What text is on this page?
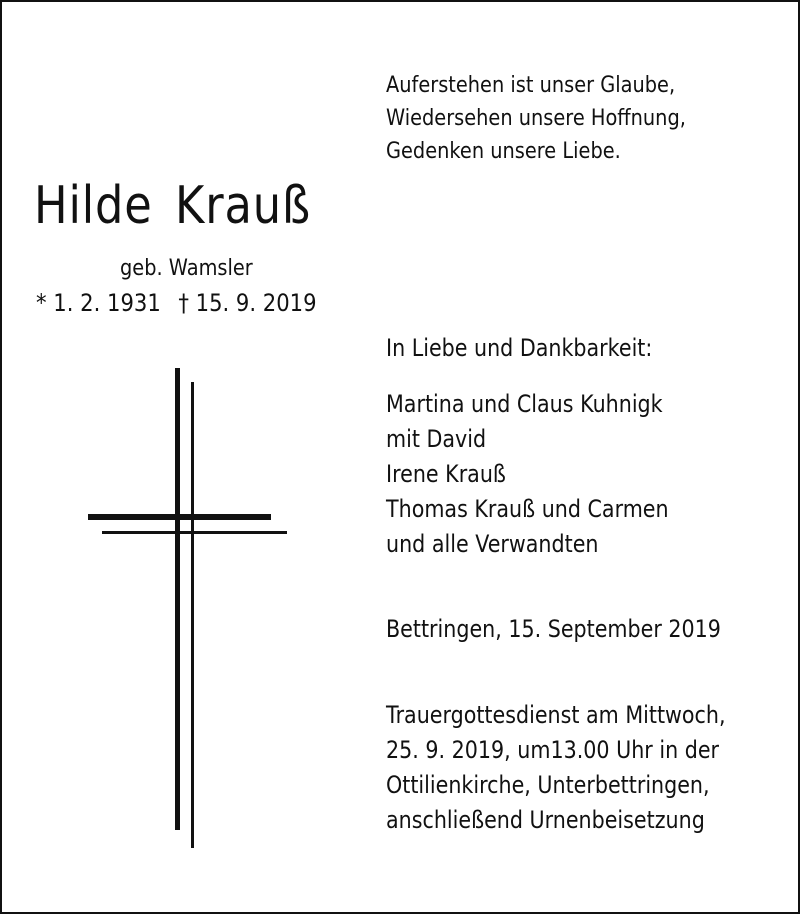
Auferstehen ist unser Glaube,

Wiedersehen unsere Hoffnung,

Gedenken unsere Liebe.

Hilde Krauß

geb. Wamsler

* 1. 2. 1931 † 15. 9. 2019

In Liebe und Dankbarkeit:

Martina und Claus Kuhnigk

mit David

Irene Krauß

Thomas Krauß und Carmen

und alle Verwandten

Bettringen, 15. September 2019

Trauergottesdienst am Mittwoch,

25. 9. 2019, um13.00 Uhr in der

Ottilienkirche, Unterbettringen,

anschließend Urnenbeisetzung
